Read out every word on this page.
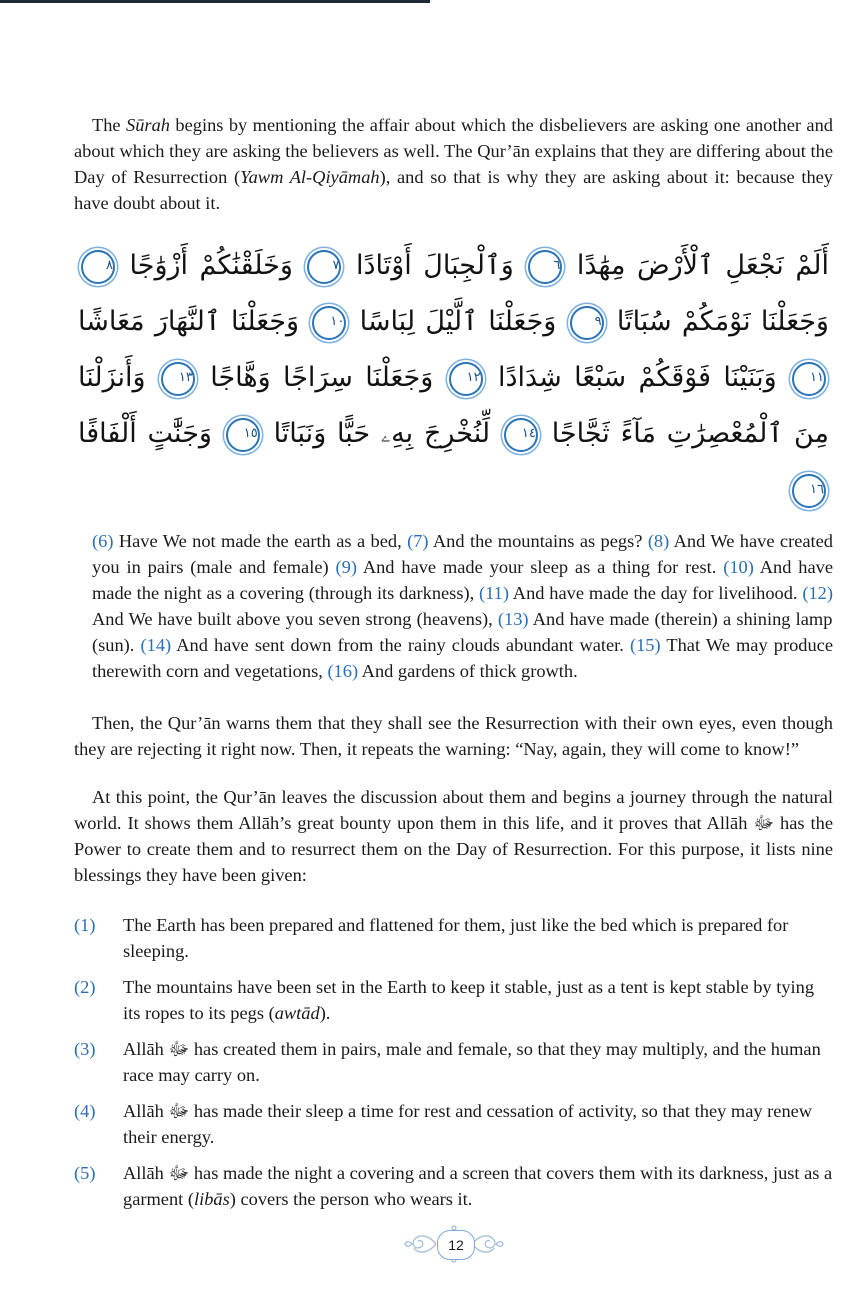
The Sūrah begins by mentioning the affair about which the disbelievers are asking one another and about which they are asking the believers as well. The Qur’ān explains that they are differing about the Day of Resurrection (Yawm Al-Qiyāmah), and so that is why they are asking about it: because they have doubt about it.

أَلَمْ نَجْعَلِ ٱلْأَرْضَ مِهَٰدًا ٦ وَٱلْجِبَالَ أَوْتَادًا ٧ وَخَلَقْنَٰكُمْ أَزْوَٰجًا ٨ وَجَعَلْنَا نَوْمَكُمْ سُبَاتًا ٩ وَجَعَلْنَا ٱلَّيْلَ لِبَاسًا ١٠ وَجَعَلْنَا ٱلنَّهَارَ مَعَاشًا ١١ وَبَنَيْنَا فَوْقَكُمْ سَبْعًا شِدَادًا ١٢ وَجَعَلْنَا سِرَاجًا وَهَّاجًا ١٣ وَأَنزَلْنَا مِنَ ٱلْمُعْصِرَٰتِ مَآءً ثَجَّاجًا ١٤ لِّنُخْرِجَ بِهِۦ حَبًّا وَنَبَاتًا ١٥ وَجَنَّٰتٍ أَلْفَافًا ١٦
(6) Have We not made the earth as a bed, (7) And the mountains as pegs? (8) And We have created you in pairs (male and female) (9) And have made your sleep as a thing for rest. (10) And have made the night as a covering (through its darkness), (11) And have made the day for livelihood. (12) And We have built above you seven strong (heavens), (13) And have made (therein) a shining lamp (sun). (14) And have sent down from the rainy clouds abundant water. (15) That We may produce therewith corn and vegetations, (16) And gardens of thick growth.

Then, the Qur’ān warns them that they shall see the Resurrection with their own eyes, even though they are rejecting it right now. Then, it repeats the warning: “Nay, again, they will come to know!”

At this point, the Qur’ān leaves the discussion about them and begins a journey through the natural world. It shows them Allāh’s great bounty upon them in this life, and it proves that Allāh ﷻ has the Power to create them and to resurrect them on the Day of Resurrection. For this purpose, it lists nine blessings they have been given:

(1)	The Earth has been prepared and flattened for them, just like the bed which is prepared for sleeping.
(2)	The mountains have been set in the Earth to keep it stable, just as a tent is kept stable by tying its ropes to its pegs (awtād).
(3)	Allāh ﷻ has created them in pairs, male and female, so that they may multiply, and the human race may carry on.
(4)	Allāh ﷻ has made their sleep a time for rest and cessation of activity, so that they may renew their energy.
(5)	Allāh ﷻ has made the night a covering and a screen that covers them with its darkness, just as a garment (libās) covers the person who wears it.
12
